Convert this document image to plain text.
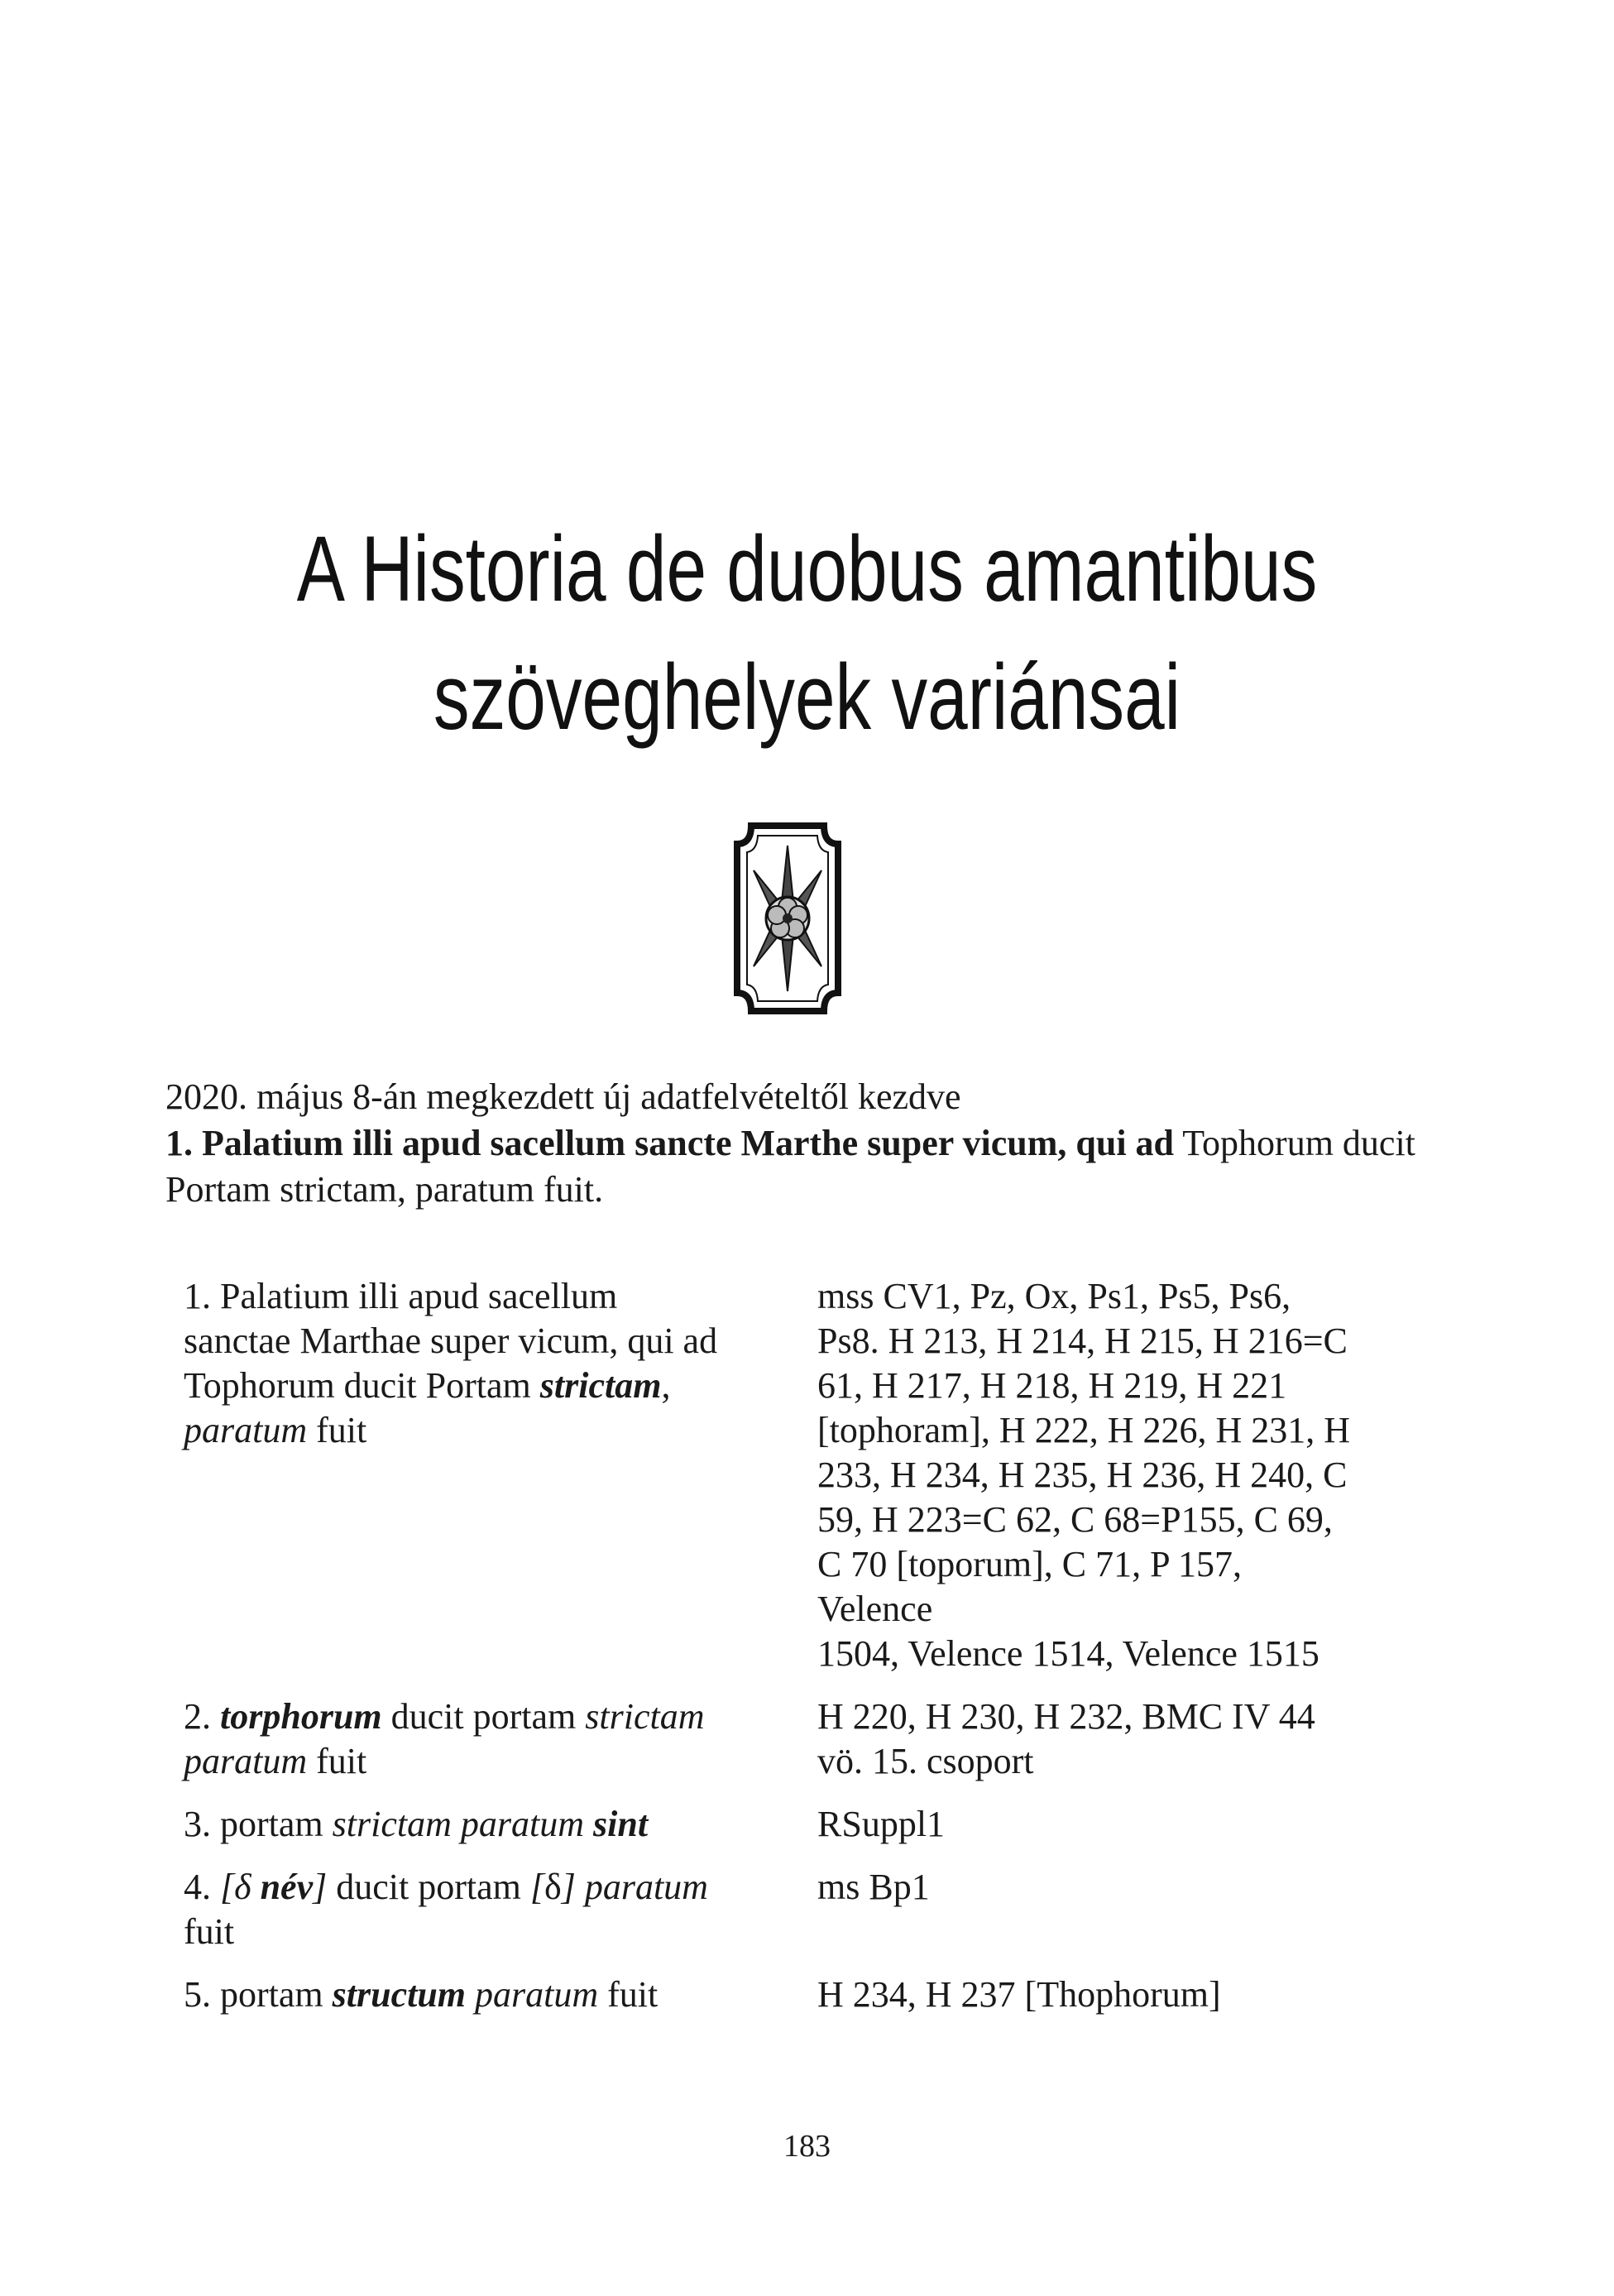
A Historia de duobus amantibus
szöveghelyek variánsai
2020. május 8-án megkezdett új adatfelvételtől kezdve
1. Palatium illi apud sacellum sancte Marthe super vicum, qui ad Tophorum ducit
Portam strictam, paratum fuit.
1. Palatium illi apud sacellum
sanctae Marthae super vicum, qui ad
Tophorum ducit Portam strictam,
paratum fuit
mss CV1, Pz, Ox, Ps1, Ps5, Ps6,
Ps8. H 213, H 214, H 215, H 216=C
61, H 217, H 218, H 219, H 221
[tophoram], H 222, H 226, H 231, H
233, H 234, H 235, H 236, H 240, C
59, H 223=C 62, C 68=P155, C 69,
C 70 [toporum], C 71, P 157, Velence
1504, Velence 1514, Velence 1515
2. torphorum ducit portam strictam
paratum fuit
H 220, H 230, H 232, BMC IV 44
vö. 15. csoport
3. portam strictam paratum sint	RSuppl1
4. [δ név] ducit portam [δ] paratum
fuit
ms Bp1
5. portam structum paratum fuit	H 234, H 237 [Thophorum]
183
